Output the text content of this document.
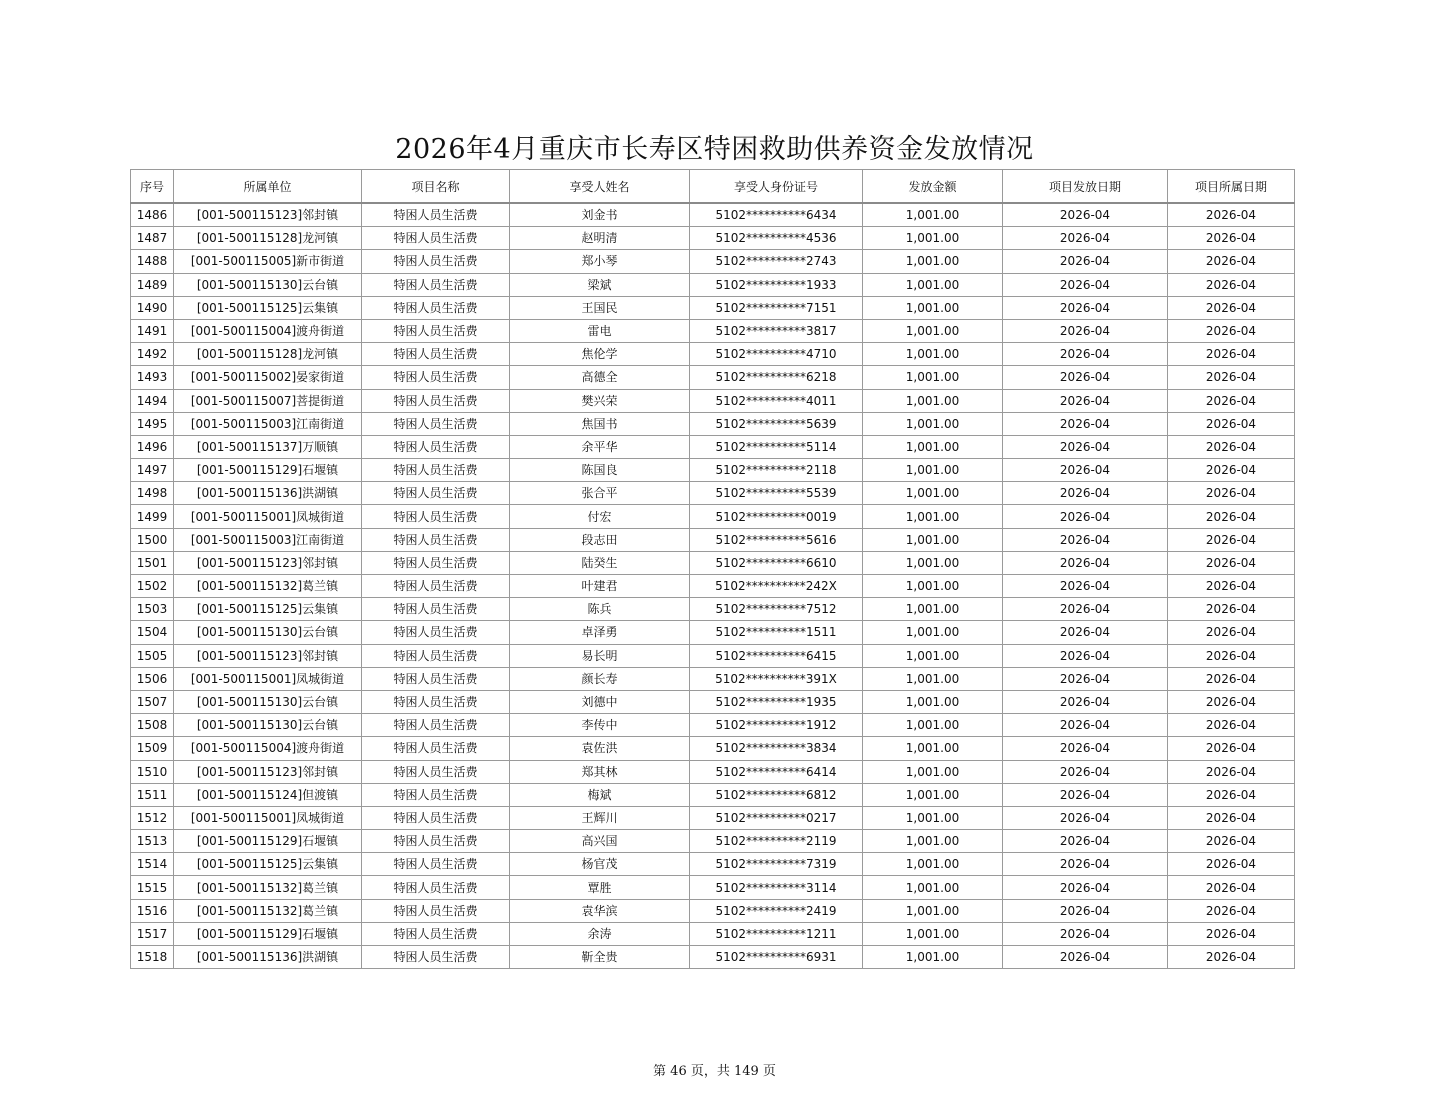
2026年4月重庆市长寿区特困救助供养资金发放情况
序号	所属单位	项目名称	享受人姓名	享受人身份证号	发放金额	项目发放日期	项目所属日期
1486	[001-500115123]邻封镇	特困人员生活费	刘金书	5102**********6434	1,001.00	2026-04	2026-04
1487	[001-500115128]龙河镇	特困人员生活费	赵明清	5102**********4536	1,001.00	2026-04	2026-04
1488	[001-500115005]新市街道	特困人员生活费	郑小琴	5102**********2743	1,001.00	2026-04	2026-04
1489	[001-500115130]云台镇	特困人员生活费	梁斌	5102**********1933	1,001.00	2026-04	2026-04
1490	[001-500115125]云集镇	特困人员生活费	王国民	5102**********7151	1,001.00	2026-04	2026-04
1491	[001-500115004]渡舟街道	特困人员生活费	雷电	5102**********3817	1,001.00	2026-04	2026-04
1492	[001-500115128]龙河镇	特困人员生活费	焦伦学	5102**********4710	1,001.00	2026-04	2026-04
1493	[001-500115002]晏家街道	特困人员生活费	高德全	5102**********6218	1,001.00	2026-04	2026-04
1494	[001-500115007]菩提街道	特困人员生活费	樊兴荣	5102**********4011	1,001.00	2026-04	2026-04
1495	[001-500115003]江南街道	特困人员生活费	焦国书	5102**********5639	1,001.00	2026-04	2026-04
1496	[001-500115137]万顺镇	特困人员生活费	余平华	5102**********5114	1,001.00	2026-04	2026-04
1497	[001-500115129]石堰镇	特困人员生活费	陈国良	5102**********2118	1,001.00	2026-04	2026-04
1498	[001-500115136]洪湖镇	特困人员生活费	张合平	5102**********5539	1,001.00	2026-04	2026-04
1499	[001-500115001]凤城街道	特困人员生活费	付宏	5102**********0019	1,001.00	2026-04	2026-04
1500	[001-500115003]江南街道	特困人员生活费	段志田	5102**********5616	1,001.00	2026-04	2026-04
1501	[001-500115123]邻封镇	特困人员生活费	陆癸生	5102**********6610	1,001.00	2026-04	2026-04
1502	[001-500115132]葛兰镇	特困人员生活费	叶建君	5102**********242X	1,001.00	2026-04	2026-04
1503	[001-500115125]云集镇	特困人员生活费	陈兵	5102**********7512	1,001.00	2026-04	2026-04
1504	[001-500115130]云台镇	特困人员生活费	卓泽勇	5102**********1511	1,001.00	2026-04	2026-04
1505	[001-500115123]邻封镇	特困人员生活费	易长明	5102**********6415	1,001.00	2026-04	2026-04
1506	[001-500115001]凤城街道	特困人员生活费	颜长寿	5102**********391X	1,001.00	2026-04	2026-04
1507	[001-500115130]云台镇	特困人员生活费	刘德中	5102**********1935	1,001.00	2026-04	2026-04
1508	[001-500115130]云台镇	特困人员生活费	李传中	5102**********1912	1,001.00	2026-04	2026-04
1509	[001-500115004]渡舟街道	特困人员生活费	袁佐洪	5102**********3834	1,001.00	2026-04	2026-04
1510	[001-500115123]邻封镇	特困人员生活费	郑其林	5102**********6414	1,001.00	2026-04	2026-04
1511	[001-500115124]但渡镇	特困人员生活费	梅斌	5102**********6812	1,001.00	2026-04	2026-04
1512	[001-500115001]凤城街道	特困人员生活费	王辉川	5102**********0217	1,001.00	2026-04	2026-04
1513	[001-500115129]石堰镇	特困人员生活费	高兴国	5102**********2119	1,001.00	2026-04	2026-04
1514	[001-500115125]云集镇	特困人员生活费	杨官茂	5102**********7319	1,001.00	2026-04	2026-04
1515	[001-500115132]葛兰镇	特困人员生活费	覃胜	5102**********3114	1,001.00	2026-04	2026-04
1516	[001-500115132]葛兰镇	特困人员生活费	袁华滨	5102**********2419	1,001.00	2026-04	2026-04
1517	[001-500115129]石堰镇	特困人员生活费	余涛	5102**********1211	1,001.00	2026-04	2026-04
1518	[001-500115136]洪湖镇	特困人员生活费	靳全贵	5102**********6931	1,001.00	2026-04	2026-04
第 46 页，共 149 页
